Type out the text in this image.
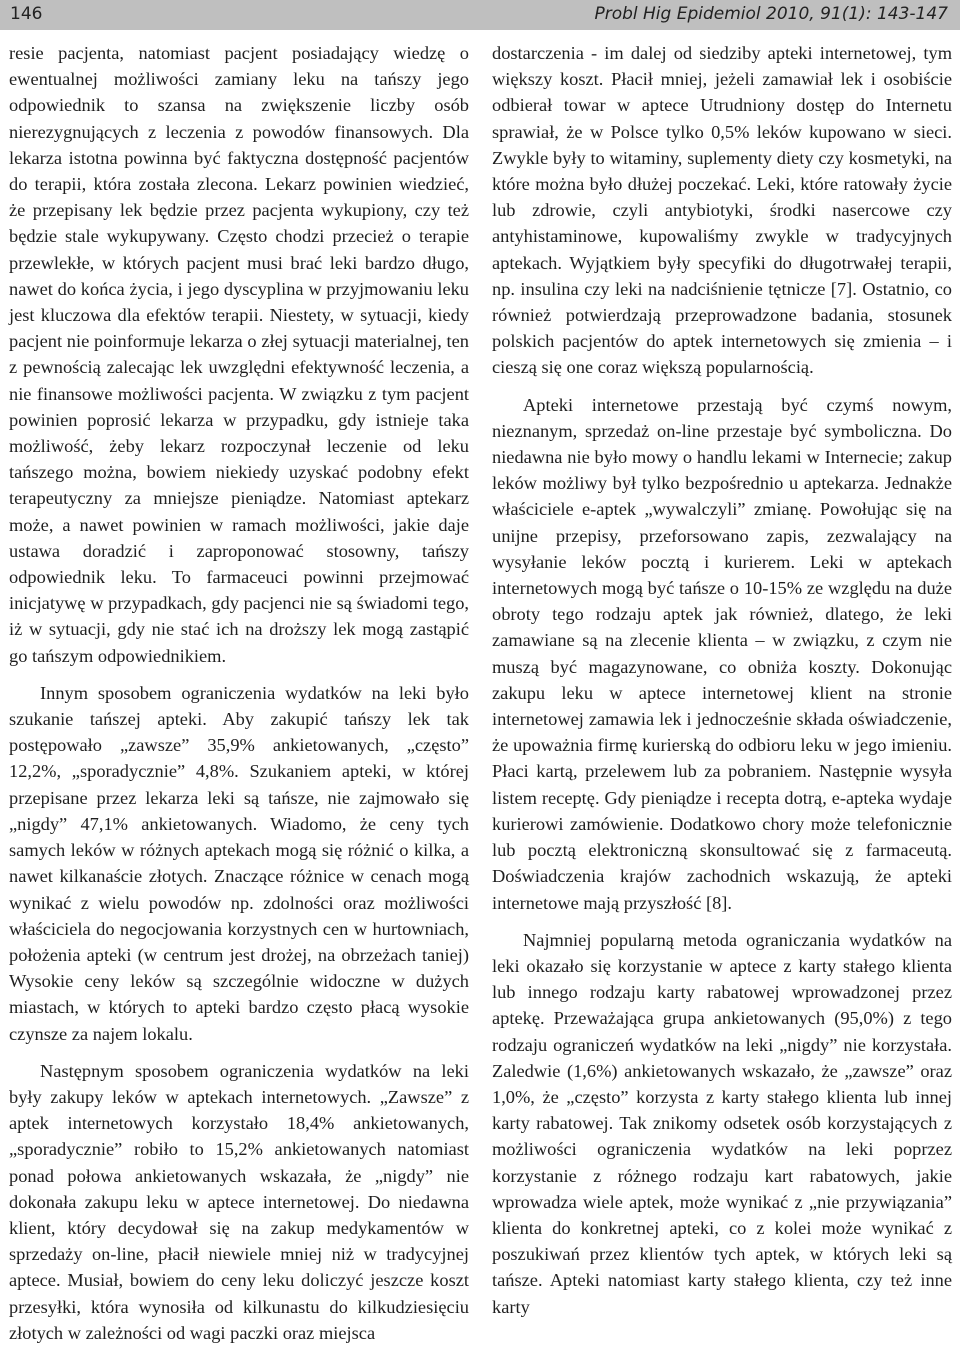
146	Probl Hig Epidemiol 2010, 91(1): 143-147

resie pacjenta, natomiast pacjent posiadający wiedzę o ewentualnej możliwości zamiany leku na tańszy jego odpowiednik to szansa na zwiększenie liczby osób nierezygnujących z leczenia z powodów finansowych. Dla lekarza istotna powinna być faktyczna dostępność pacjentów do terapii, która została zlecona. Lekarz powinien wiedzieć, że przepisany lek będzie przez pacjenta wykupiony, czy też będzie stale wykupywany. Często chodzi przecież o terapie przewlekłe, w których pacjent musi brać leki bardzo długo, nawet do końca życia, i jego dyscyplina w przyjmowaniu leku jest kluczowa dla efektów terapii. Niestety, w sytuacji, kiedy pacjent nie poinformuje lekarza o złej sytuacji materialnej, ten z pewnością zalecając lek uwzględni efektywność leczenia, a nie finansowe możliwości pacjenta. W związku z tym pacjent powinien poprosić lekarza w przypadku, gdy istnieje taka możliwość, żeby lekarz rozpoczynał leczenie od leku tańszego można, bowiem niekiedy uzyskać podobny efekt terapeutyczny za mniejsze pieniądze. Natomiast aptekarz może, a nawet powinien w ramach możliwości, jakie daje ustawa doradzić i zaproponować stosowny, tańszy odpowiednik leku. To farmaceuci powinni przejmować inicjatywę w przypadkach, gdy pacjenci nie są świadomi tego, iż w sytuacji, gdy nie stać ich na droższy lek mogą zastąpić go tańszym odpowiednikiem.

Innym sposobem ograniczenia wydatków na leki było szukanie tańszej apteki. Aby zakupić tańszy lek tak postępowało „zawsze” 35,9% ankietowanych, „często” 12,2%, „sporadycznie” 4,8%. Szukaniem apteki, w której przepisane przez lekarza leki są tańsze, nie zajmowało się „nigdy” 47,1% ankietowanych. Wiadomo, że ceny tych samych leków w różnych aptekach mogą się różnić o kilka, a nawet kilkanaście złotych. Znaczące różnice w cenach mogą wynikać z wielu powodów np. zdolności oraz możliwości właściciela do negocjowania korzystnych cen w hurtowniach, położenia apteki (w centrum jest drożej, na obrzeżach taniej) Wysokie ceny leków są szczególnie widoczne w dużych miastach, w których to apteki bardzo często płacą wysokie czynsze za najem lokalu.

Następnym sposobem ograniczenia wydatków na leki były zakupy leków w aptekach internetowych. „Zawsze” z aptek internetowych korzystało 18,4% ankietowanych, „sporadycznie” robiło to 15,2% ankietowanych natomiast ponad połowa ankietowanych wskazała, że „nigdy” nie dokonała zakupu leku w aptece internetowej. Do niedawna klient, który decydował się na zakup medykamentów w sprzedaży on-line, płacił niewiele mniej niż w tradycyjnej aptece. Musiał, bowiem do ceny leku doliczyć jeszcze koszt przesyłki, która wynosiła od kilkunastu do kilkudziesięciu złotych w zależności od wagi paczki oraz miejsca

dostarczenia - im dalej od siedziby apteki internetowej, tym większy koszt. Płacił mniej, jeżeli zamawiał lek i osobiście odbierał towar w aptece Utrudniony dostęp do Internetu sprawiał, że w Polsce tylko 0,5% leków kupowano w sieci. Zwykle były to witaminy, suplementy diety czy kosmetyki, na które można było dłużej poczekać. Leki, które ratowały życie lub zdrowie, czyli antybiotyki, środki nasercowe czy antyhistaminowe, kupowaliśmy zwykle w tradycyjnych aptekach. Wyjątkiem były specyfiki do długotrwałej terapii, np. insulina czy leki na nadciśnienie tętnicze [7]. Ostatnio, co również potwierdzają przeprowadzone badania, stosunek polskich pacjentów do aptek internetowych się zmienia – i cieszą się one coraz większą popularnością.

Apteki internetowe przestają być czymś nowym, nieznanym, sprzedaż on-line przestaje być symboliczna. Do niedawna nie było mowy o handlu lekami w Internecie; zakup leków możliwy był tylko bezpośrednio u aptekarza. Jednakże właściciele e-aptek „wywalczyli” zmianę. Powołując się na unijne przepisy, przeforsowano zapis, zezwalający na wysyłanie leków pocztą i kurierem. Leki w aptekach internetowych mogą być tańsze o 10-15% ze względu na duże obroty tego rodzaju aptek jak również, dlatego, że leki zamawiane są na zlecenie klienta – w związku, z czym nie muszą być magazynowane, co obniża koszty. Dokonując zakupu leku w aptece internetowej klient na stronie internetowej zamawia lek i jednocześnie składa oświadczenie, że upoważnia firmę kurierską do odbioru leku w jego imieniu. Płaci kartą, przelewem lub za pobraniem. Następnie wysyła listem receptę. Gdy pieniądze i recepta dotrą, e-apteka wydaje kurierowi zamówienie. Dodatkowo chory może telefonicznie lub pocztą elektroniczną skonsultować się z farmaceutą. Doświadczenia krajów zachodnich wskazują, że apteki internetowe mają przyszłość [8].

Najmniej popularną metoda ograniczania wydatków na leki okazało się korzystanie w aptece z karty stałego klienta lub innego rodzaju karty rabatowej wprowadzonej przez aptekę. Przeważająca grupa ankietowanych (95,0%) z tego rodzaju ograniczeń wydatków na leki „nigdy” nie korzystała. Zaledwie (1,6%) ankietowanych wskazało, że „zawsze” oraz 1,0%, że „często” korzysta z karty stałego klienta lub innej karty rabatowej. Tak znikomy odsetek osób korzystających z możliwości ograniczenia wydatków na leki poprzez korzystanie z różnego rodzaju kart rabatowych, jakie wprowadza wiele aptek, może wynikać z „nie przywiązania” klienta do konkretnej apteki, co z kolei może wynikać z poszukiwań przez klientów tych aptek, w których leki są tańsze. Apteki natomiast karty stałego klienta, czy też inne karty
